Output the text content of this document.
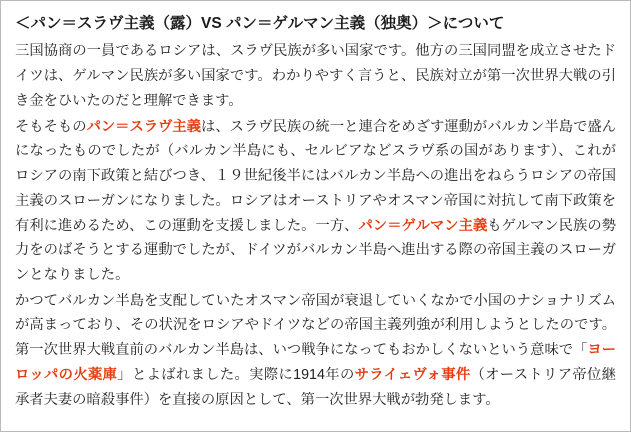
＜パン＝スラヴ主義（露）VS パン＝ゲルマン主義（独奥）＞について

三国協商の一員であるロシアは、スラヴ民族が多い国家です。他方の三国同盟を成立させたドイツは、ゲルマン民族が多い国家です。わかりやすく言うと、民族対立が第一次世界大戦の引き金をひいたのだと理解できます。

そもそものパン＝スラヴ主義は、スラヴ民族の統一と連合をめざす運動がバルカン半島で盛んになったものでしたが（バルカン半島にも、セルビアなどスラヴ系の国があります）、これがロシアの南下政策と結びつき、１９世紀後半にはバルカン半島への進出をねらうロシアの帝国主義のスローガンになりました。ロシアはオーストリアやオスマン帝国に対抗して南下政策を有利に進めるため、この運動を支援しました。一方、パン＝ゲルマン主義もゲルマン民族の勢力をのばそうとする運動でしたが、ドイツがバルカン半島へ進出する際の帝国主義のスローガンとなりました。

かつてバルカン半島を支配していたオスマン帝国が衰退していくなかで小国のナショナリズムが高まっており、その状況をロシアやドイツなどの帝国主義列強が利用しようとしたのです。第一次世界大戦直前のバルカン半島は、いつ戦争になってもおかしくないという意味で「ヨーロッパの火薬庫」とよばれました。実際に1914年のサライェヴォ事件（オーストリア帝位継承者夫妻の暗殺事件）を直接の原因として、第一次世界大戦が勃発します。
